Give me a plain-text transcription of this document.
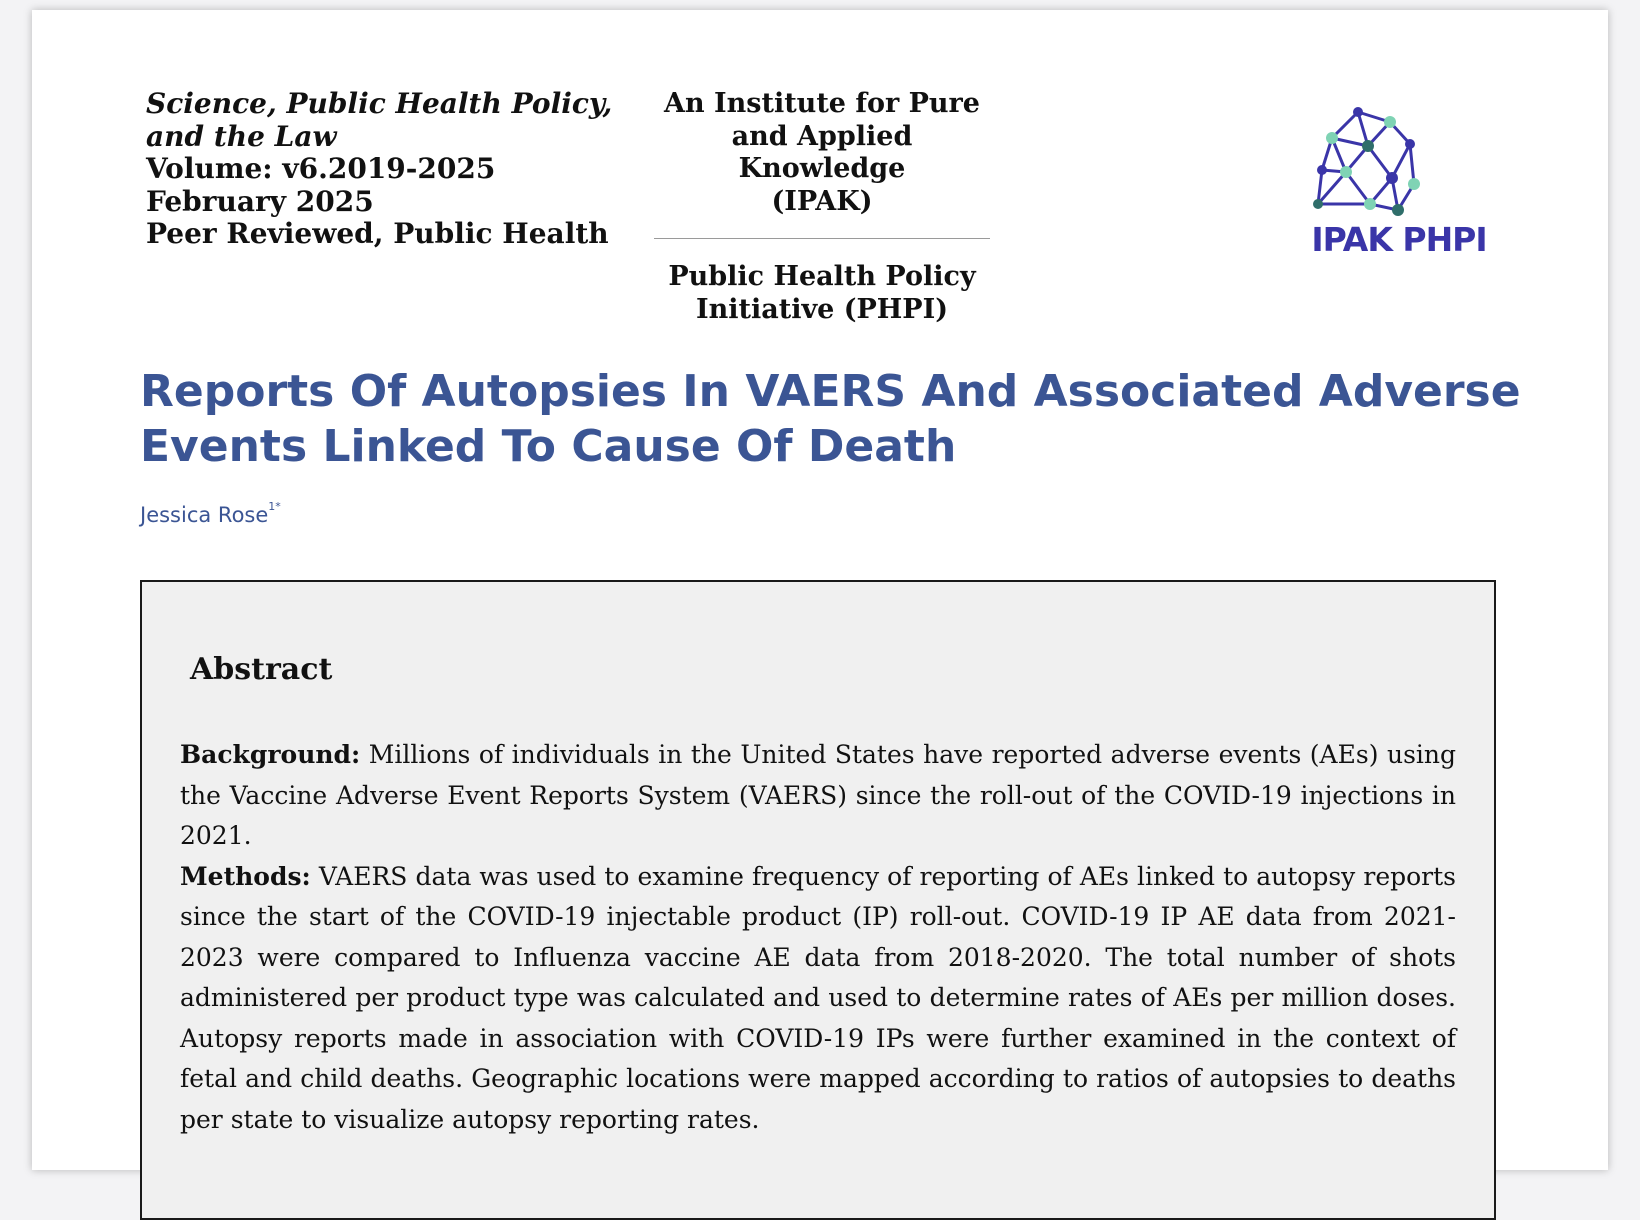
Science, Public Health Policy,
and the Law
Volume: v6.2019-2025
February 2025
Peer Reviewed, Public Health
An Institute for Pure
and Applied Knowledge
(IPAK)
Public Health Policy
Initiative (PHPI)
IPAK PHPI
Reports Of Autopsies In VAERS And Associated Adverse
Events Linked To Cause Of Death
Jessica Rose$^{1*}$
Abstract

Background: Millions of individuals in the United States have reported adverse events (AEs) using the Vaccine Adverse Event Reports System (VAERS) since the roll-out of the COVID-19 injections in 2021.

Methods: VAERS data was used to examine frequency of reporting of AEs linked to autopsy reports since the start of the COVID-19 injectable product (IP) roll-out. COVID-19 IP AE data from 2021-2023 were compared to Influenza vaccine AE data from 2018-2020. The total number of shots administered per product type was calculated and used to determine rates of AEs per million doses. Autopsy reports made in association with COVID-19 IPs were further examined in the context of fetal and child deaths. Geographic locations were mapped according to ratios of autopsies to deaths per state to visualize autopsy reporting rates.
